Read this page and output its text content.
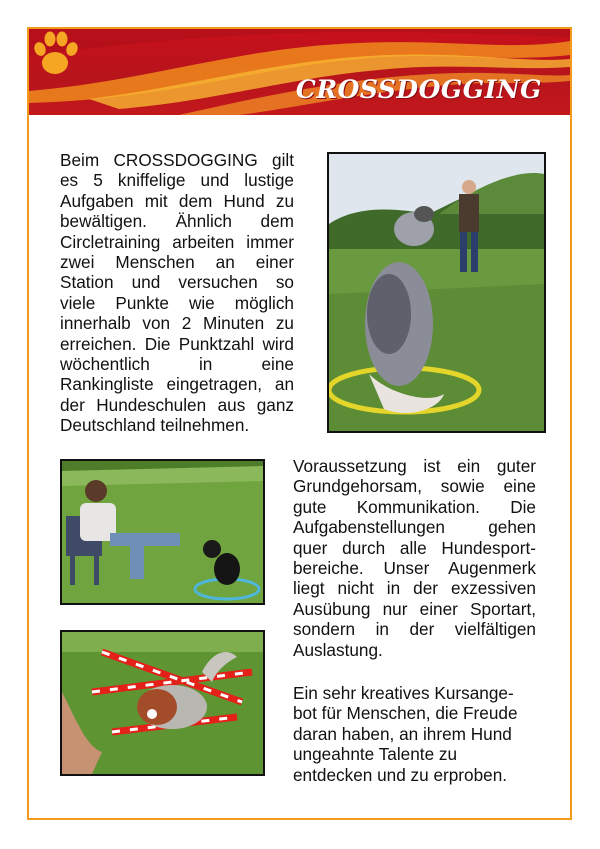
CROSSDOGGING
Beim CROSSDOGGING gilt es 5 kniffelige und lustige Aufgaben mit dem Hund zu bewältigen. Ähnlich dem Circletraining arbeiten immer zwei Menschen an einer Station und versuchen so viele Punkte wie möglich innerhalb von 2 Minuten zu erreichen. Die Punktzahl wird wöchentlich in eine Rankingliste eingetragen, an der Hundeschulen aus ganz Deutschland teilnehmen.
Voraussetzung ist ein guter Grundgehorsam, sowie eine gute Kommunikation. Die Aufgabenstellungen gehen quer durch alle Hundesport-bereiche. Unser Augenmerk liegt nicht in der exzessiven Ausübung nur einer Sportart, sondern in der vielfältigen Auslastung.
Ein sehr kreatives Kursange-bot für Menschen, die Freude daran haben, an ihrem Hund ungeahnte Talente zu entdecken und zu erproben.
